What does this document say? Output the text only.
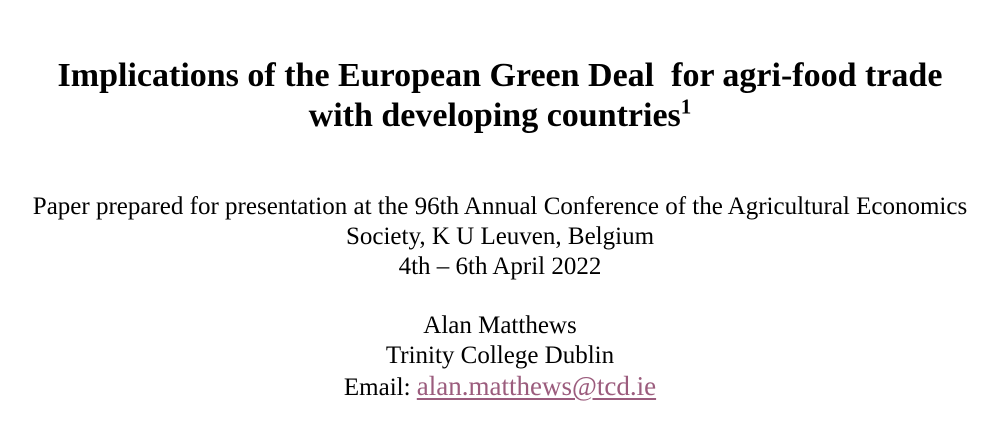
Implications of the European Green Deal  for agri-food trade
with developing countries$^1$
Paper prepared for presentation at the 96th Annual Conference of the Agricultural Economics
Society, K U Leuven, Belgium
4th – 6th April 2022
Alan Matthews
Trinity College Dublin
Email: alan.matthews@tcd.ie
